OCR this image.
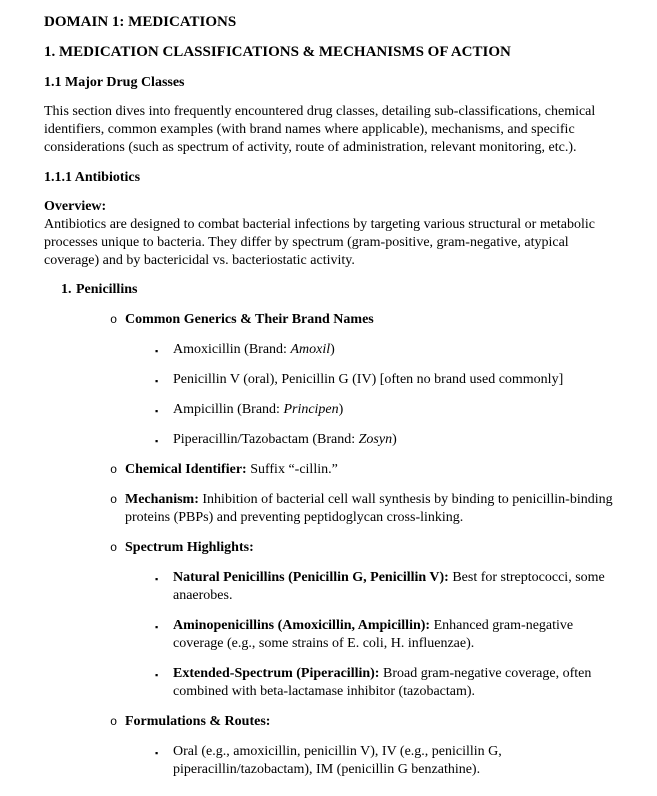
DOMAIN 1: MEDICATIONS
1. MEDICATION CLASSIFICATIONS & MECHANISMS OF ACTION
1.1 Major Drug Classes

This section dives into frequently encountered drug classes, detailing sub-classifications, chemical identifiers, common examples (with brand names where applicable), mechanisms, and specific considerations (such as spectrum of activity, route of administration, relevant monitoring, etc.).

1.1.1 Antibiotics

Overview:
Antibiotics are designed to combat bacterial infections by targeting various structural or metabolic processes unique to bacteria. They differ by spectrum (gram-positive, gram-negative, atypical coverage) and by bactericidal vs. bacteriostatic activity.

1. Penicillins
o Common Generics & Their Brand Names
▪ Amoxicillin (Brand: Amoxil)
▪ Penicillin V (oral), Penicillin G (IV) [often no brand used commonly]
▪ Ampicillin (Brand: Principen)
▪ Piperacillin/Tazobactam (Brand: Zosyn)
o Chemical Identifier: Suffix “-cillin.”
o Mechanism: Inhibition of bacterial cell wall synthesis by binding to penicillin-binding proteins (PBPs) and preventing peptidoglycan cross-linking.
o Spectrum Highlights:
▪ Natural Penicillins (Penicillin G, Penicillin V): Best for streptococci, some anaerobes.
▪ Aminopenicillins (Amoxicillin, Ampicillin): Enhanced gram-negative coverage (e.g., some strains of E. coli, H. influenzae).
▪ Extended-Spectrum (Piperacillin): Broad gram-negative coverage, often combined with beta-lactamase inhibitor (tazobactam).
o Formulations & Routes:
▪ Oral (e.g., amoxicillin, penicillin V), IV (e.g., penicillin G, piperacillin/tazobactam), IM (penicillin G benzathine).
